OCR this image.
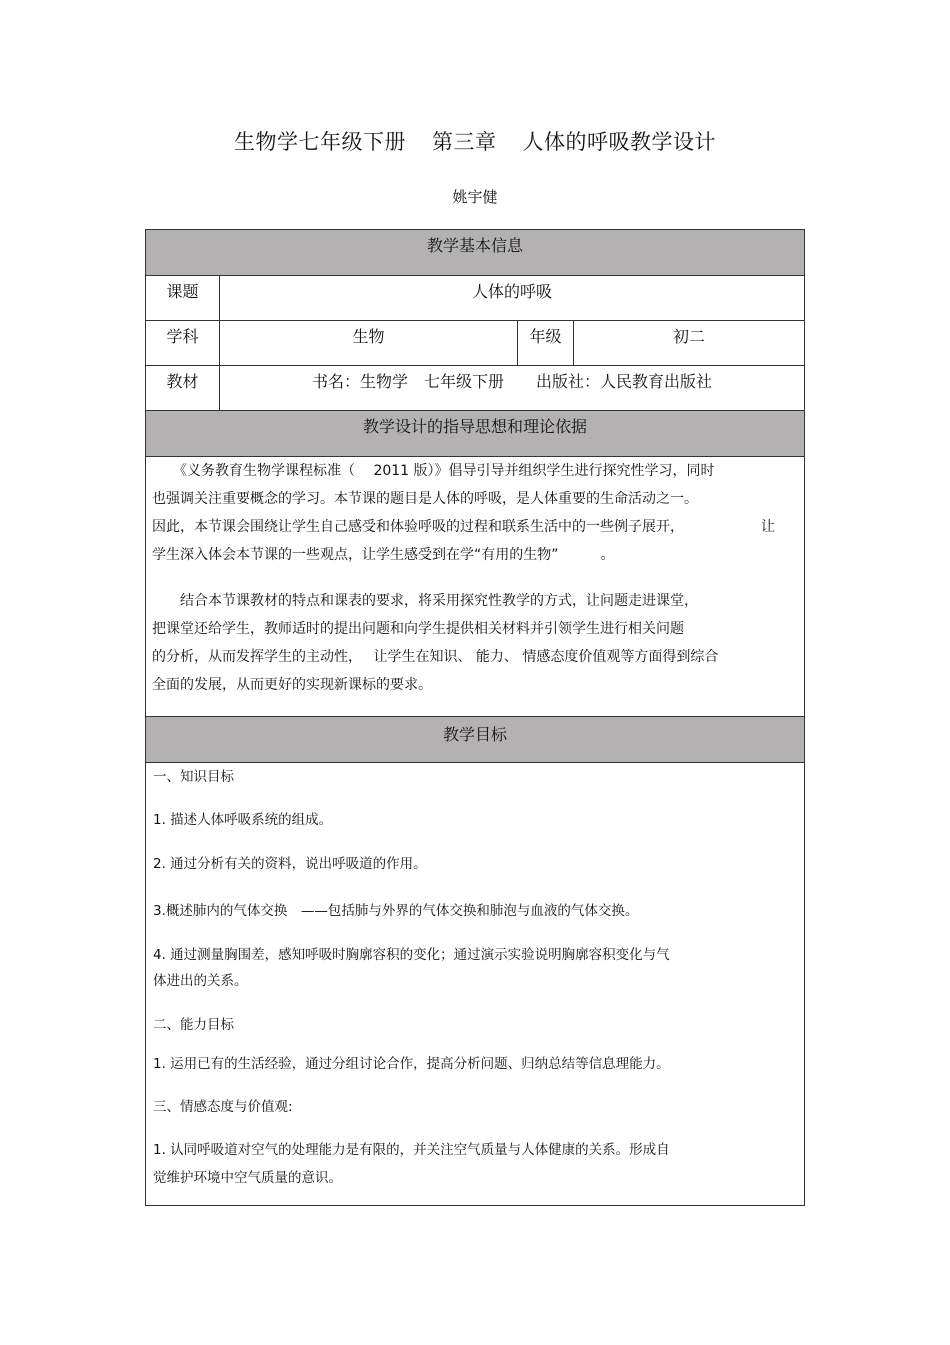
生物学七年级下册 第三章 人体的呼吸教学设计
姚宇健
教学基本信息
课题	人体的呼吸
学科	生物	年级	初二
教材	书名：生物学　七年级下册　　出版社：人民教育出版社
教学设计的指导思想和理论依据
　　《义务教育生物学课程标准（　 2011 版）》倡导引导并组织学生进行探究性学习，同时
也强调关注重要概念的学习。本节课的题目是人体的呼吸，是人体重要的生命活动之一。
因此，本节课会围绕让学生自己感受和体验呼吸的过程和联系生活中的一些例子展开，　　　　　　让
学生深入体会本节课的一些观点，让学生感受到在学“有用的生物”　　　。
　　结合本节课教材的特点和课表的要求，将采用探究性教学的方式，让问题走进课堂，
把课堂还给学生，教师适时的提出问题和向学生提供相关材料并引领学生进行相关问题
的分析，从而发挥学生的主动性，　 让学生在知识、 能力、 情感态度价值观等方面得到综合
全面的发展，从而更好的实现新课标的要求。
教学目标
一、知识目标
1. 描述人体呼吸系统的组成。
2. 通过分析有关的资料，说出呼吸道的作用。
3.概述肺内的气体交换　——包括肺与外界的气体交换和肺泡与血液的气体交换。
4. 通过测量胸围差，感知呼吸时胸廓容积的变化；通过演示实验说明胸廓容积变化与气
体进出的关系。
二、能力目标
1. 运用已有的生活经验，通过分组讨论合作，提高分析问题、归纳总结等信息理能力。
三、情感态度与价值观:
1. 认同呼吸道对空气的处理能力是有限的，并关注空气质量与人体健康的关系。形成自
觉维护环境中空气质量的意识。
